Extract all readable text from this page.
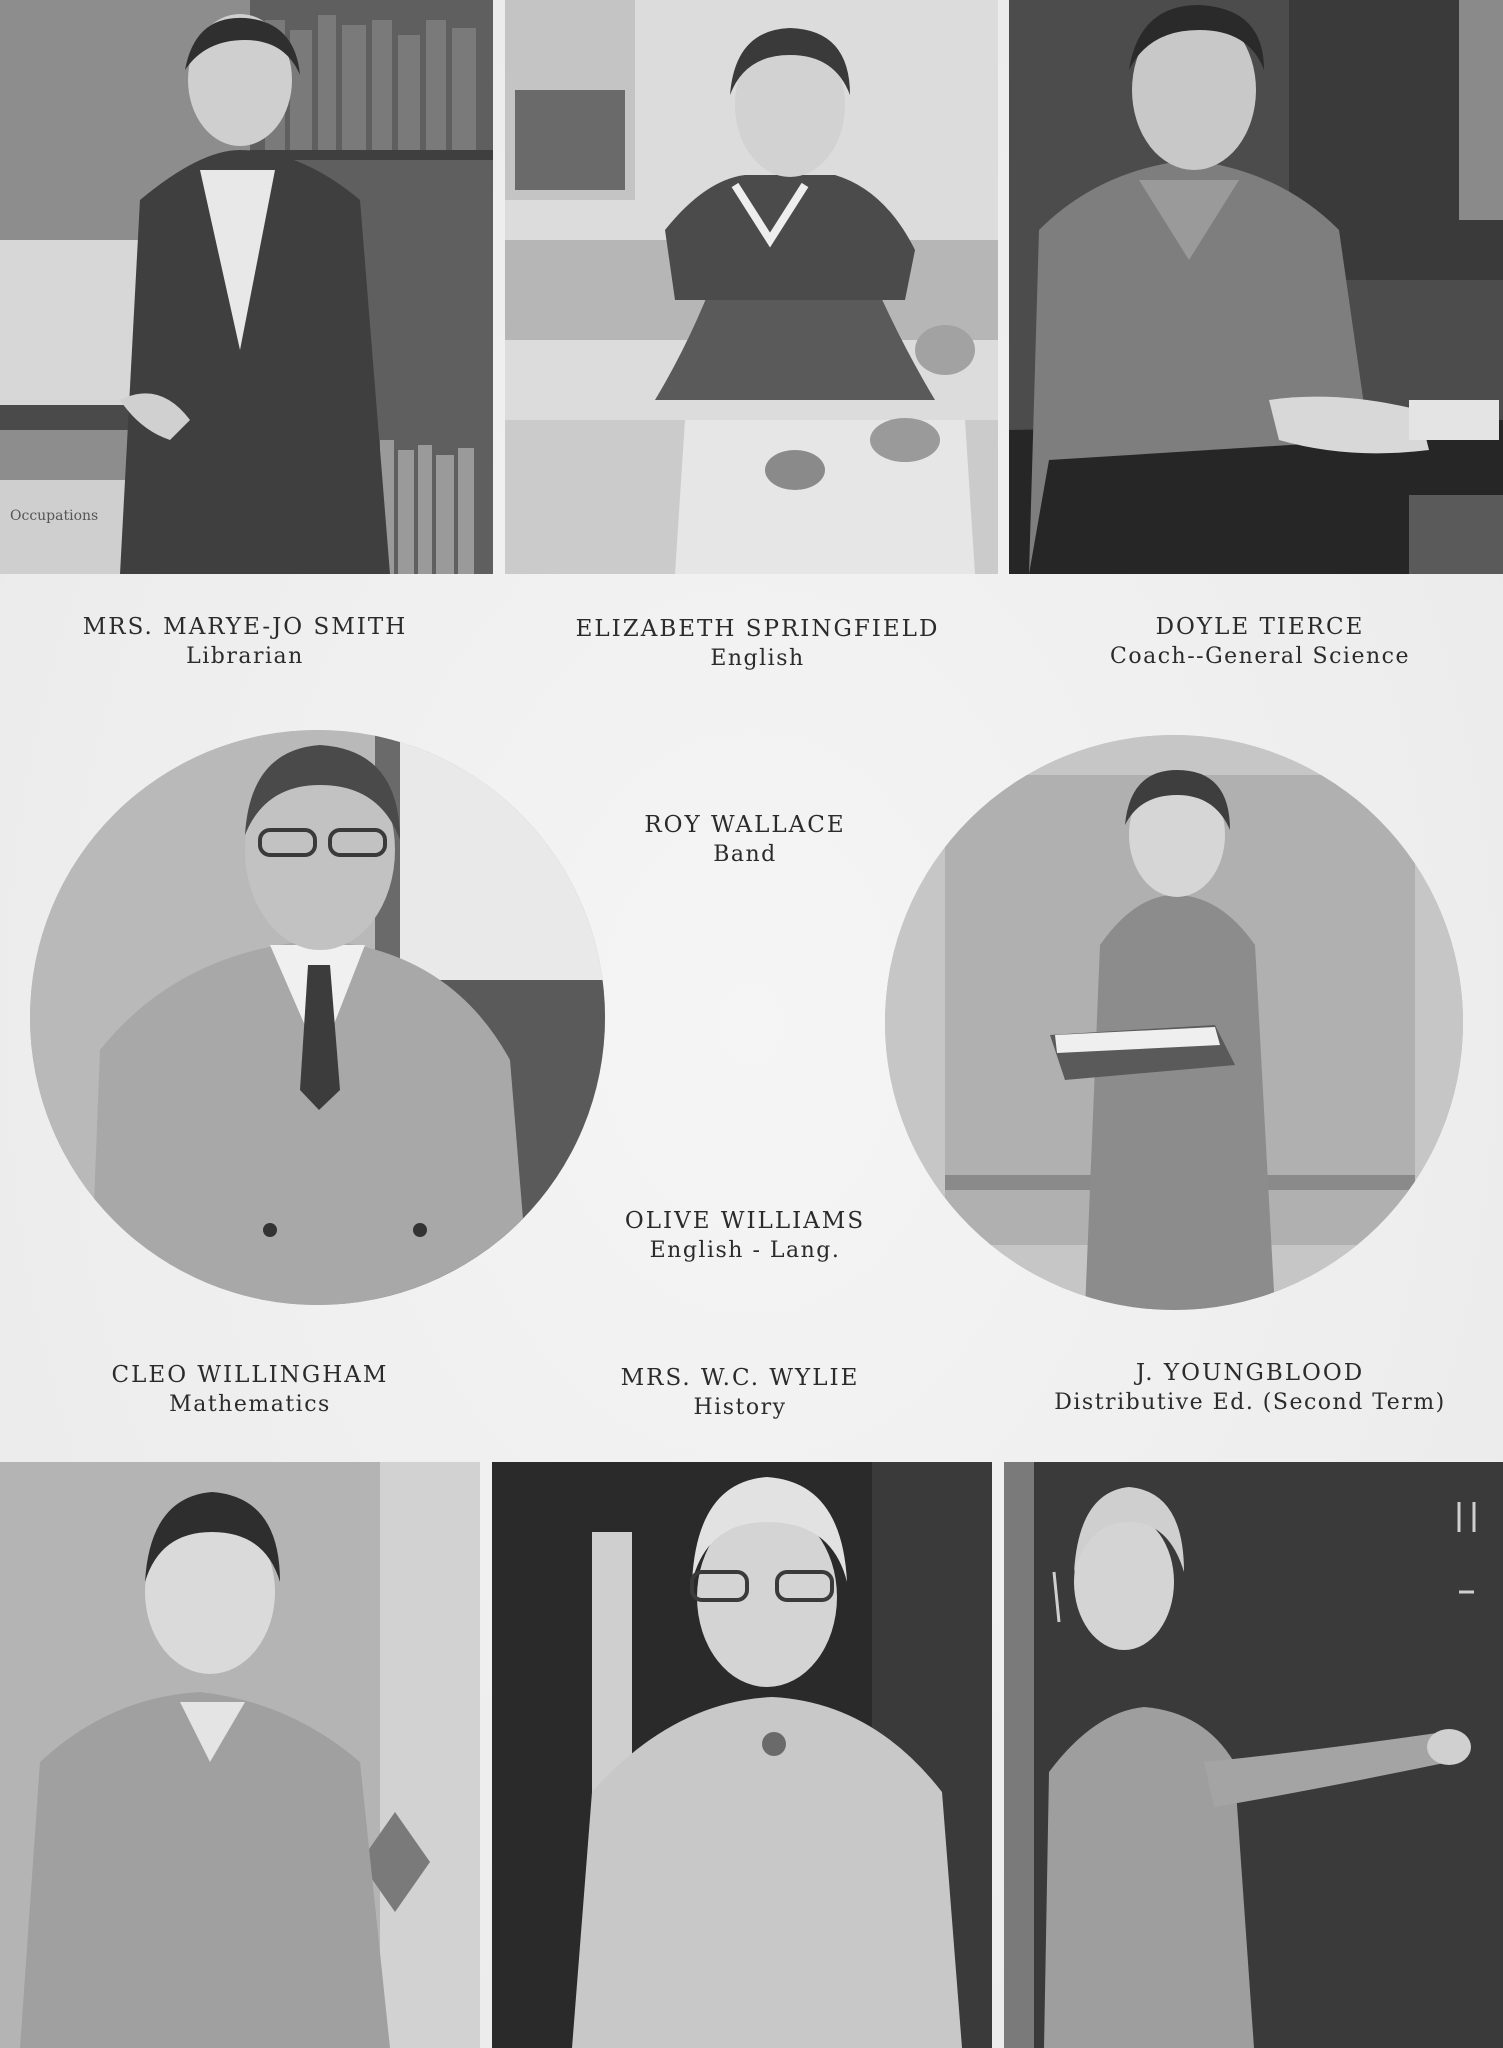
Occupations
MRS. MARYE-JO SMITH
Librarian
ELIZABETH SPRINGFIELD
English
DOYLE TIERCE
Coach--General Science
ROY WALLACE
Band
OLIVE WILLIAMS
English - Lang.
CLEO WILLINGHAM
Mathematics
MRS. W.C. WYLIE
History
J. YOUNGBLOOD
Distributive Ed. (Second Term)
